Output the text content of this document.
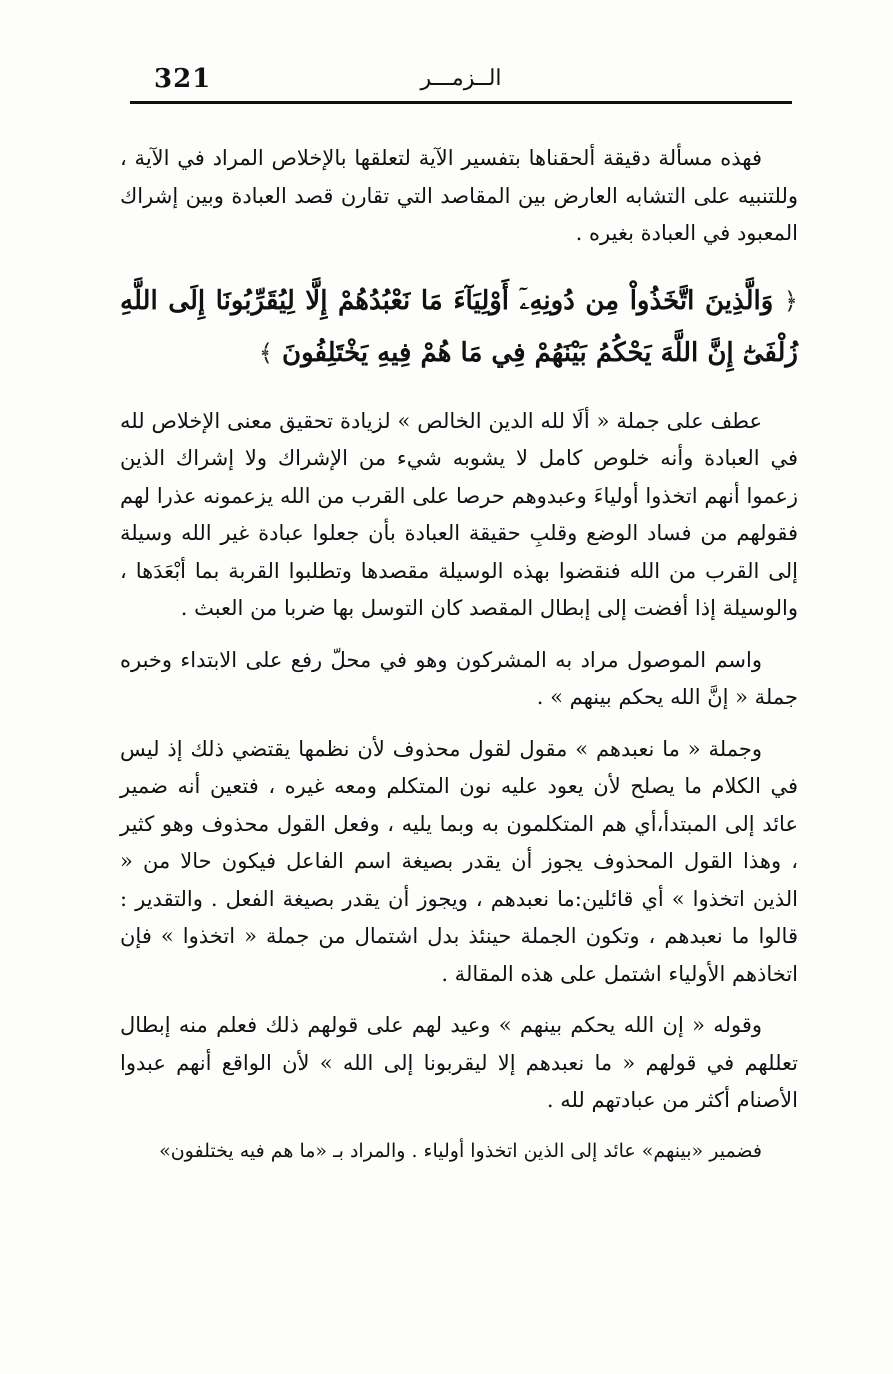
321	الــزمـــر

فهذه مسألة دقيقة ألحقناها بتفسير الآية لتعلقها بالإخلاص المراد في الآية ، وللتنبيه على التشابه العارض بين المقاصد التي تقارن قصد العبادة وبين إشراك المعبود في العبادة بغيره .

﴿ وَالَّذِينَ اتَّخَذُواْ مِن دُونِهِۦٓ أَوْلِيَآءَ مَا نَعْبُدُهُمْ إِلَّا لِيُقَرِّبُونَا إِلَى اللَّهِ زُلْفَىٰٓ إِنَّ اللَّهَ يَحْكُمُ بَيْنَهُمْ فِي مَا هُمْ فِيهِ يَخْتَلِفُونَ ﴾

عطف على جملة « ألَا لله الدين الخالص » لزيادة تحقيق معنى الإخلاص لله في العبادة وأنه خلوص كامل لا يشوبه شيء من الإشراك ولا إشراك الذين زعموا أنهم اتخذوا أولياءَ وعبدوهم حرصا على القرب من الله يزعمونه عذرا لهم فقولهم من فساد الوضع وقلبِ حقيقة العبادة بأن جعلوا عبادة غير الله وسيلة إلى القرب من الله فنقضوا بهذه الوسيلة مقصدها وتطلبوا القربة بما أبْعَدَها ، والوسيلة إذا أفضت إلى إبطال المقصد كان التوسل بها ضربا من العبث .

واسم الموصول مراد به المشركون وهو في محلّ رفع على الابتداء وخبره جملة « إنَّ الله يحكم بينهم » .

وجملة « ما نعبدهم » مقول لقول محذوف لأن نظمها يقتضي ذلك إذ ليس في الكلام ما يصلح لأن يعود عليه نون المتكلم ومعه غيره ، فتعين أنه ضمير عائد إلى المبتدأ،أي هم المتكلمون به وبما يليه ، وفعل القول محذوف وهو كثير ، وهذا القول المحذوف يجوز أن يقدر بصيغة اسم الفاعل فيكون حالا من « الذين اتخذوا » أي قائلين:ما نعبدهم ، ويجوز أن يقدر بصيغة الفعل . والتقدير : قالوا ما نعبدهم ، وتكون الجملة حينئذ بدل اشتمال من جملة « اتخذوا » فإن اتخاذهم الأولياء اشتمل على هذه المقالة .

وقوله « إن الله يحكم بينهم » وعيد لهم على قولهم ذلك فعلم منه إبطال تعللهم في قولهم « ما نعبدهم إلا ليقربونا إلى الله » لأن الواقع أنهم عبدوا الأصنام أكثر من عبادتهم لله .

فضمير «بينهم» عائد إلى الذين اتخذوا أولياء . والمراد بـ «ما هم فيه يختلفون»
